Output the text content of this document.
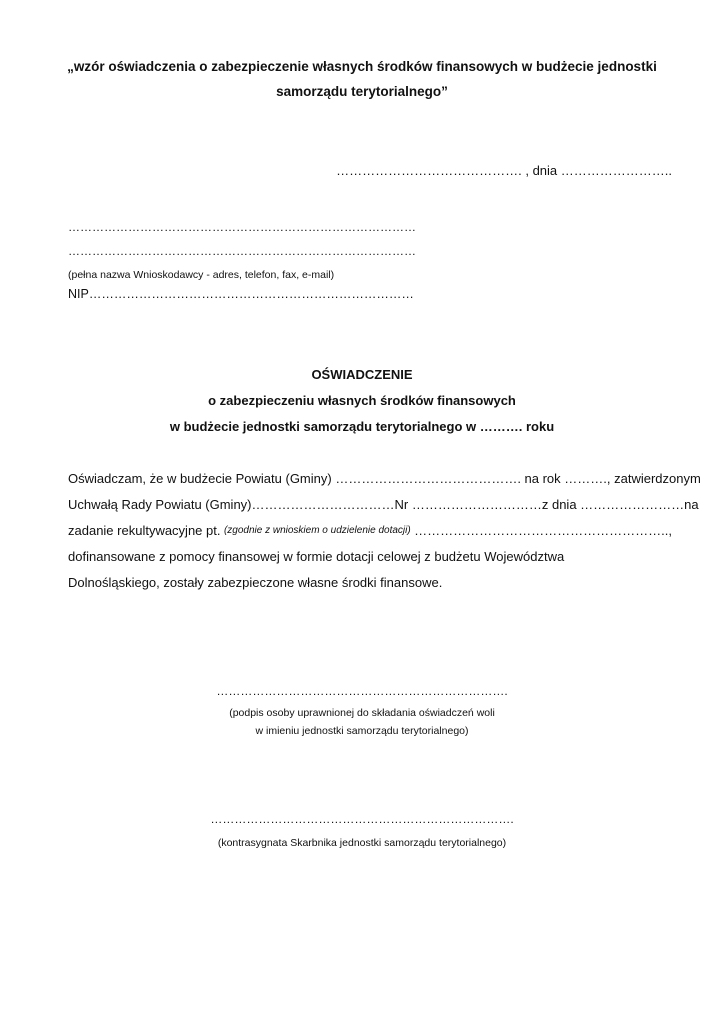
„wzór oświadczenia o zabezpieczenie własnych środków finansowych w budżecie jednostki
samorządu terytorialnego”
……………………………………. , dnia ……………………..
……………………………………………………………………………
……………………………………………………………………………
(pełna nazwa Wnioskodawcy - adres, telefon, fax, e-mail)
NIP……………………………………………………………………
OŚWIADCZENIE
o zabezpieczeniu własnych środków finansowych
w budżecie jednostki samorządu terytorialnego w ………. roku
Oświadczam, że w budżecie Powiatu (Gminy) ……………………………………. na rok ………., zatwierdzonym
Uchwałą Rady Powiatu (Gminy)…………………………… Nr ………………………… z dnia …………………… na
zadanie rekultywacyjne pt. (zgodnie z wnioskiem o udzielenie dotacji) …………………………………………………..,
dofinansowane z pomocy finansowej w formie dotacji celowej z budżetu Województwa
Dolnośląskiego, zostały zabezpieczone własne środki finansowe.
……………………………………………………………….
(podpis osoby uprawnionej do składania oświadczeń woli
w imieniu jednostki samorządu terytorialnego)
………………………………………………………………….
(kontrasygnata Skarbnika jednostki samorządu terytorialnego)
